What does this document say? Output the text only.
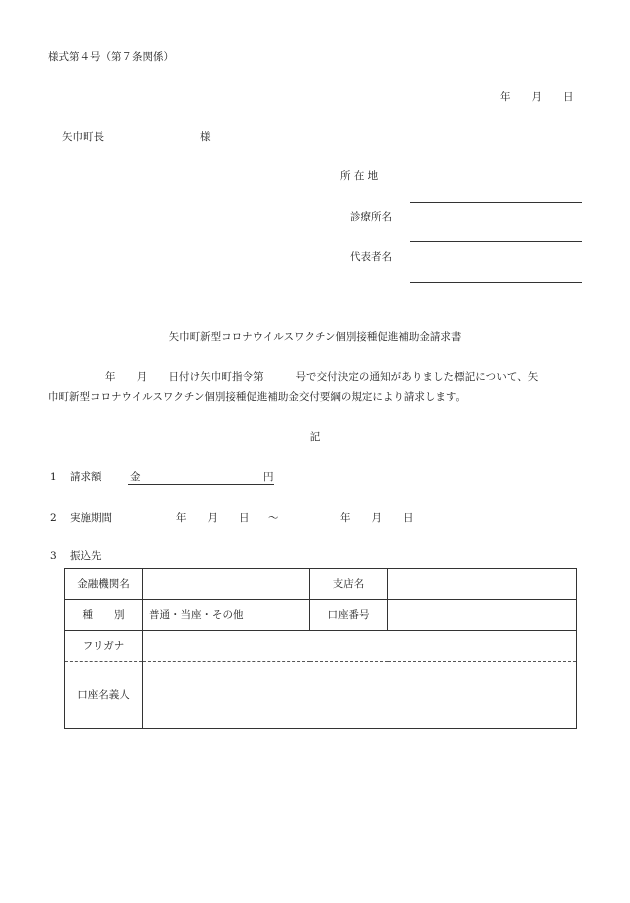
様式第４号（第７条関係）
年　　月　　日
矢巾町長	様
所 在 地
診療所名
代表者名
矢巾町新型コロナウイルスワクチン個別接種促進補助金請求書
年　　月　　日付け矢巾町指令第　　　号で交付決定の通知がありました標記について、矢
巾町新型コロナウイルスワクチン個別接種促進補助金交付要綱の規定により請求します。
記
1 請求額	金	円
2 実施期間	年　　月　　日 ～	年　　月　　日
3 振込先
金融機関名		支店名	
種　　別	普通・当座・その他	口座番号	
フリガナ			
口座名義人			
